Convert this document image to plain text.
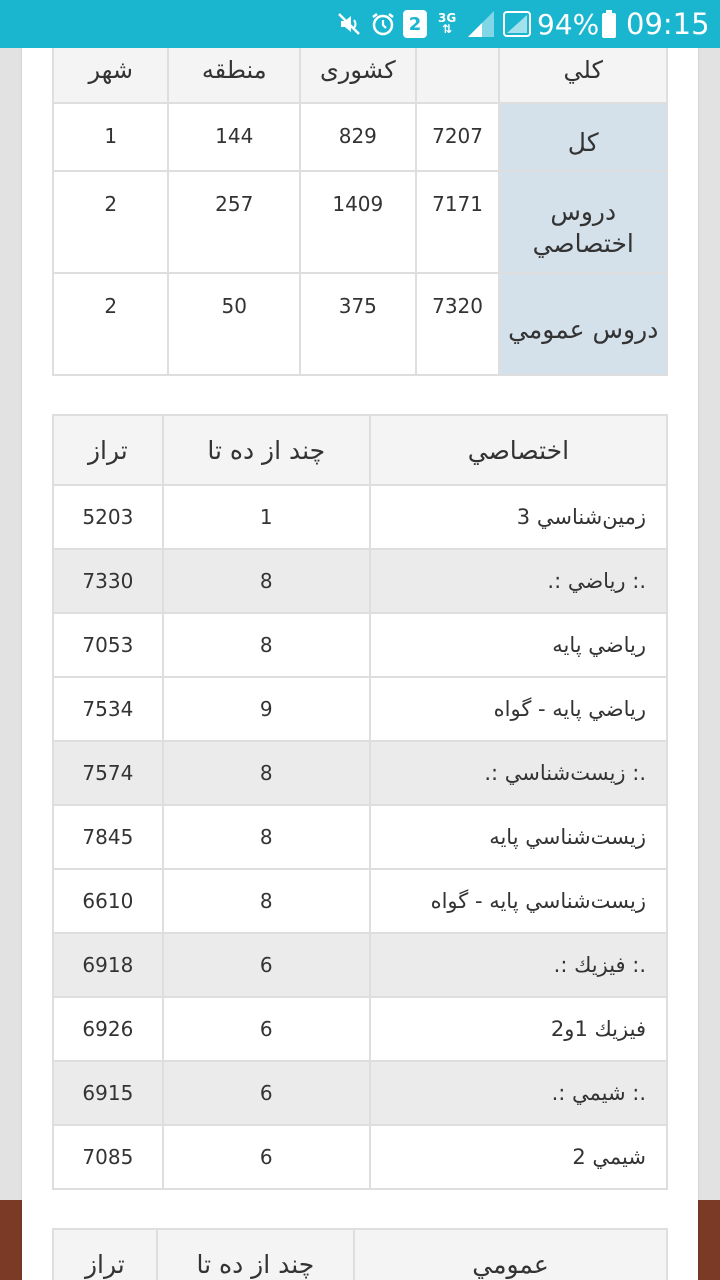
2	3G
⇅	94% 09:15
شهر	منطقه	کشوری		کلي
1	144	829	7207	کل
2	257	1409	7171	دروس اختصاصي
2	50	375	7320	دروس عمومي
تراز	چند از ده تا	اختصاصي
5203	1	زمين‌شناسي 3
7330	8	.: رياضي :.
7053	8	رياضي پايه
7534	9	رياضي پايه - گواه
7574	8	.: زيست‌شناسي :.
7845	8	زيست‌شناسي پايه
6610	8	زيست‌شناسي پايه - گواه
6918	6	.: فيزيك :.
6926	6	فيزيك 1و2
6915	6	.: شيمي :.
7085	6	شيمي 2
تراز	چند از ده تا	عمومي
